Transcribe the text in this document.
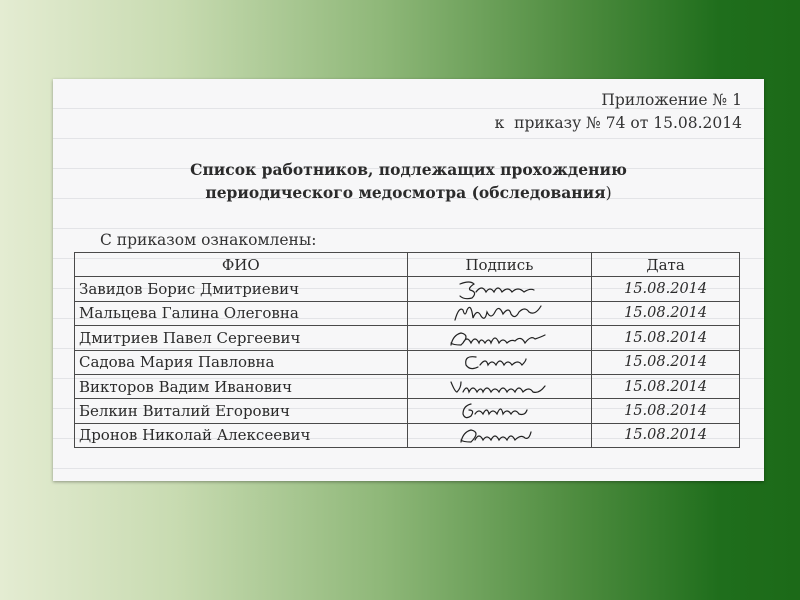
Приложение № 1
к  приказу № 74 от 15.08.2014
Список работников, подлежащих прохождению
периодического медосмотра (обследования)
С приказом ознакомлены:
ФИО	Подпись	Дата
Завидов Борис Дмитриевич		15.08.2014
Мальцева Галина Олеговна		15.08.2014
Дмитриев Павел Сергеевич		15.08.2014
Садова Мария Павловна		15.08.2014
Викторов Вадим Иванович		15.08.2014
Белкин Виталий Егорович		15.08.2014
Дронов Николай Алексеевич		15.08.2014
